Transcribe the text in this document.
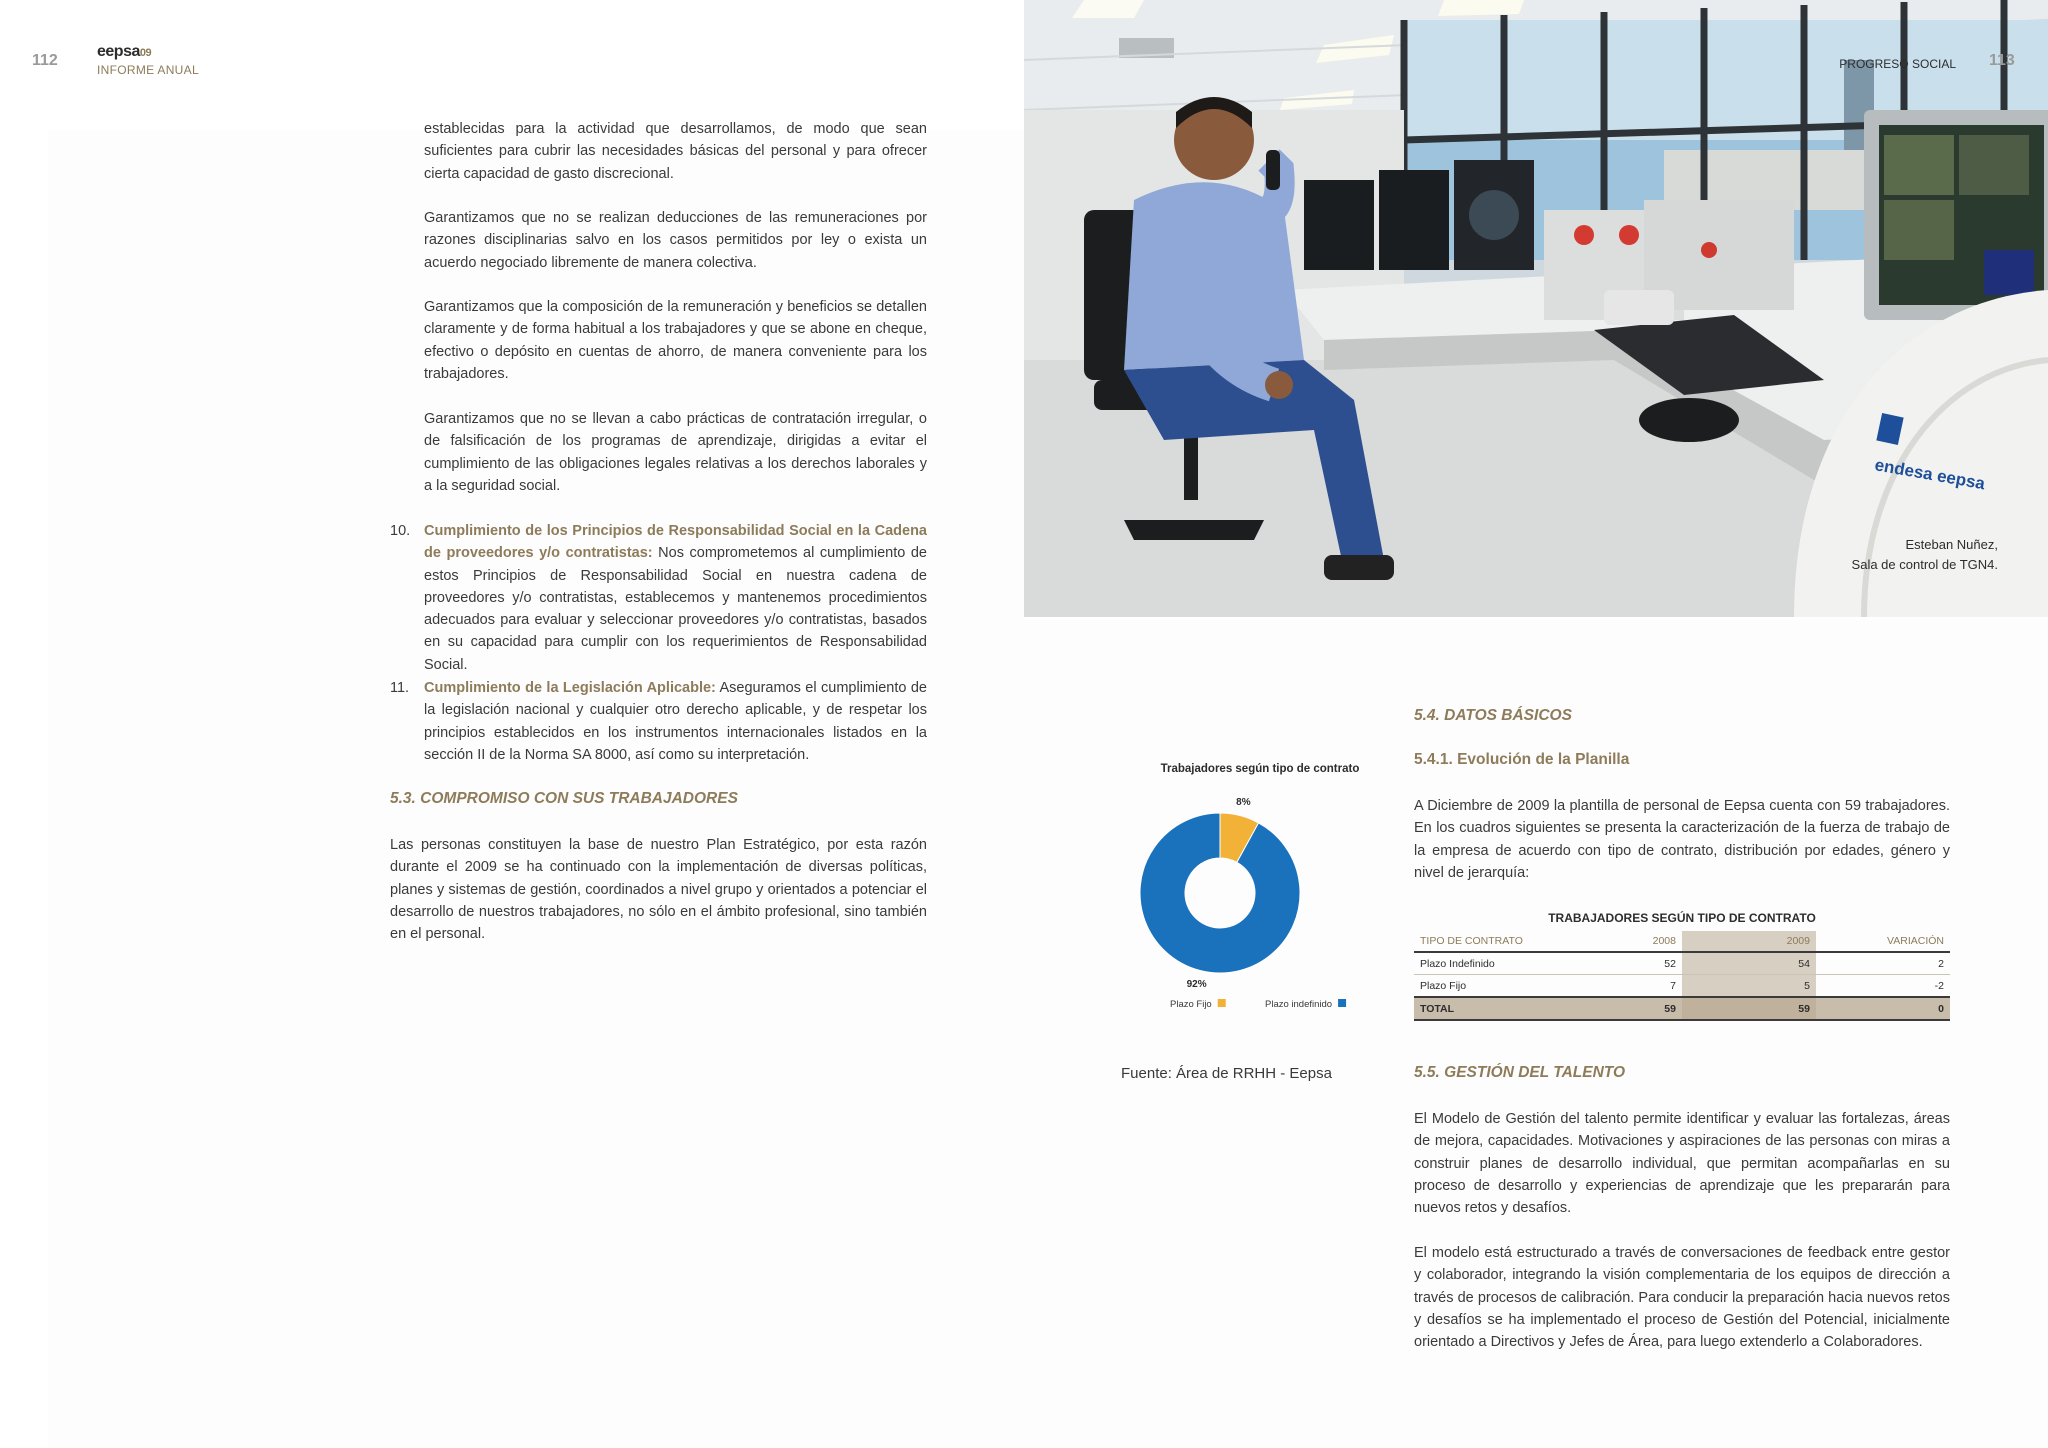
112
eepsa09
INFORME ANUAL

establecidas para la actividad que desarrollamos, de modo que sean suficientes para cubrir las necesidades básicas del personal y para ofrecer cierta capacidad de gasto discrecional.

Garantizamos que no se realizan deducciones de las remuneraciones por razones disciplinarias salvo en los casos permitidos por ley o exista un acuerdo negociado libremente de manera colectiva.

Garantizamos que la composición de la remuneración y beneficios se detallen claramente y de forma habitual a los trabajadores y que se abone en cheque, efectivo o depósito en cuentas de ahorro, de manera conveniente para los trabajadores.

Garantizamos que no se llevan a cabo prácticas de contratación irregular, o de falsificación de los programas de aprendizaje, dirigidas a evitar el cumplimiento de las obligaciones legales relativas a los derechos laborales y a la seguridad social.

10. Cumplimiento de los Principios de Responsabilidad Social en la Cadena de proveedores y/o contratistas: Nos comprometemos al cumplimiento de estos Principios de Responsabilidad Social en nuestra cadena de proveedores y/o contratistas, establecemos y mantenemos procedimientos adecuados para evaluar y seleccionar proveedores y/o contratistas, basados en su capacidad para cumplir con los requerimientos de Responsabilidad Social.

11. Cumplimiento de la Legislación Aplicable: Aseguramos el cumplimiento de la legislación nacional y cualquier otro derecho aplicable, y de respetar los principios establecidos en los instrumentos internacionales listados en la sección II de la Norma SA 8000, así como su interpretación.

5.3. COMPROMISO CON SUS TRABAJADORES

Las personas constituyen la base de nuestro Plan Estratégico, por esta razón durante el 2009 se ha continuado con la implementación de diversas políticas, planes y sistemas de gestión, coordinados a nivel grupo y orientados a potenciar el desarrollo de nuestros trabajadores, no sólo en el ámbito profesional, sino también en el personal.

endesa eepsa
113
PROGRESO SOCIAL
Esteban Nuñez,
Sala de control de TGN4.
Trabajadores según tipo de contrato
8%
92%
Plazo Fijo	Plazo indefinido
Fuente: Área de RRHH - Eepsa
5.4. DATOS BÁSICOS
5.4.1. Evolución de la Planilla

A Diciembre de 2009 la plantilla de personal de Eepsa cuenta con 59 trabajadores. En los cuadros siguientes se presenta la caracterización de la fuerza de trabajo de la empresa de acuerdo con tipo de contrato, distribución por edades, género y nivel de jerarquía:

TRABAJADORES SEGÚN TIPO DE CONTRATO
TIPO DE CONTRATO	2008	2009	VARIACIÓN
Plazo Indefinido	52	54	2
Plazo Fijo	7	5	-2
TOTAL	59	59	0
5.5. GESTIÓN DEL TALENTO

El Modelo de Gestión del talento permite identificar y evaluar las fortalezas, áreas de mejora, capacidades. Motivaciones y aspiraciones de las personas con miras a construir planes de desarrollo individual, que permitan acompañarlas en su proceso de desarrollo y experiencias de aprendizaje que les prepararán para nuevos retos y desafíos.

El modelo está estructurado a través de conversaciones de feedback entre gestor y colaborador, integrando la visión complementaria de los equipos de dirección a través de procesos de calibración. Para conducir la preparación hacia nuevos retos y desafíos se ha implementado el proceso de Gestión del Potencial, inicialmente orientado a Directivos y Jefes de Área, para luego extenderlo a Colaboradores.
